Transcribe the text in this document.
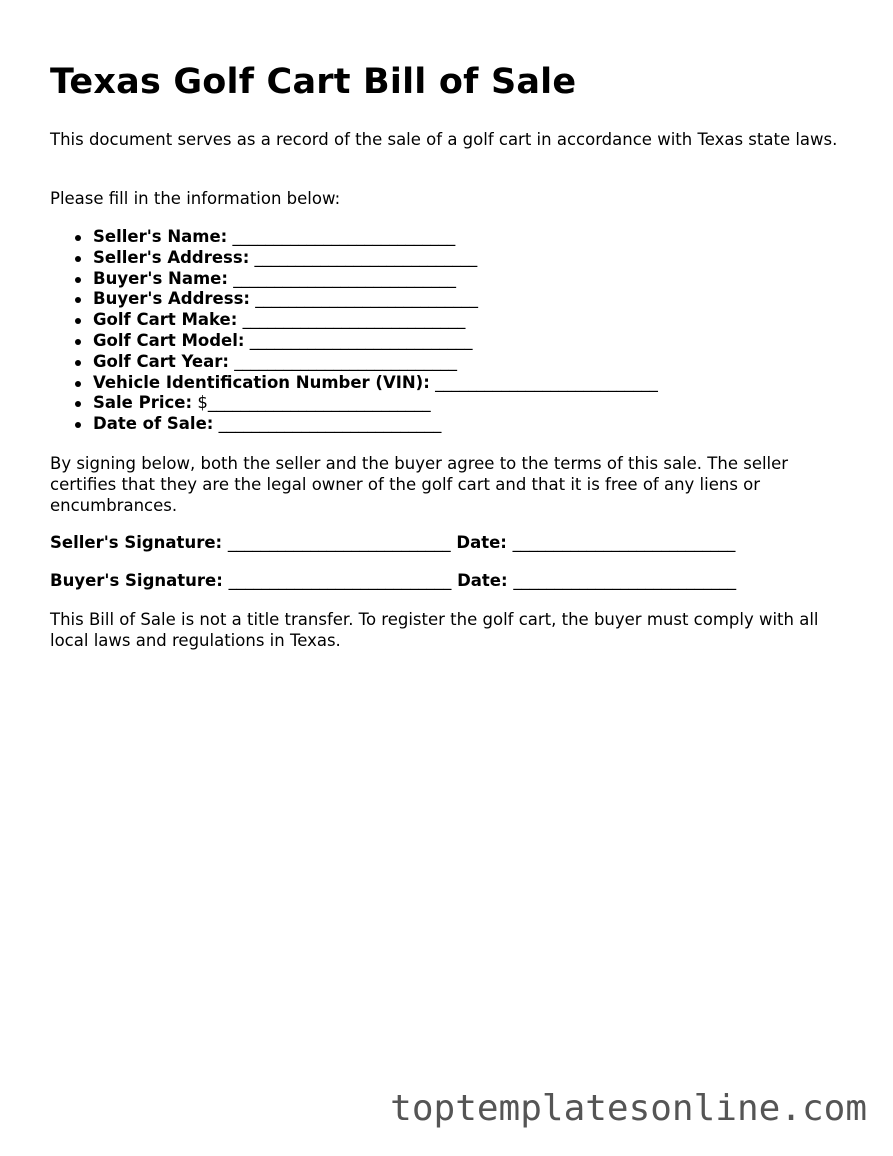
Texas Golf Cart Bill of Sale

This document serves as a record of the sale of a golf cart in accordance with Texas state laws.

Please fill in the information below:

Seller's Name: ___________________________
Seller's Address: ___________________________
Buyer's Name: ___________________________
Buyer's Address: ___________________________
Golf Cart Make: ___________________________
Golf Cart Model: ___________________________
Golf Cart Year: ___________________________
Vehicle Identification Number (VIN): ___________________________
Sale Price: $___________________________
Date of Sale: ___________________________

By signing below, both the seller and the buyer agree to the terms of this sale. The seller certifies that they are the legal owner of the golf cart and that it is free of any liens or encumbrances.

Seller's Signature: ___________________________ Date: ___________________________
Buyer's Signature: ___________________________ Date: ___________________________

This Bill of Sale is not a title transfer. To register the golf cart, the buyer must comply with all local laws and regulations in Texas.

toptemplatesonline.com
